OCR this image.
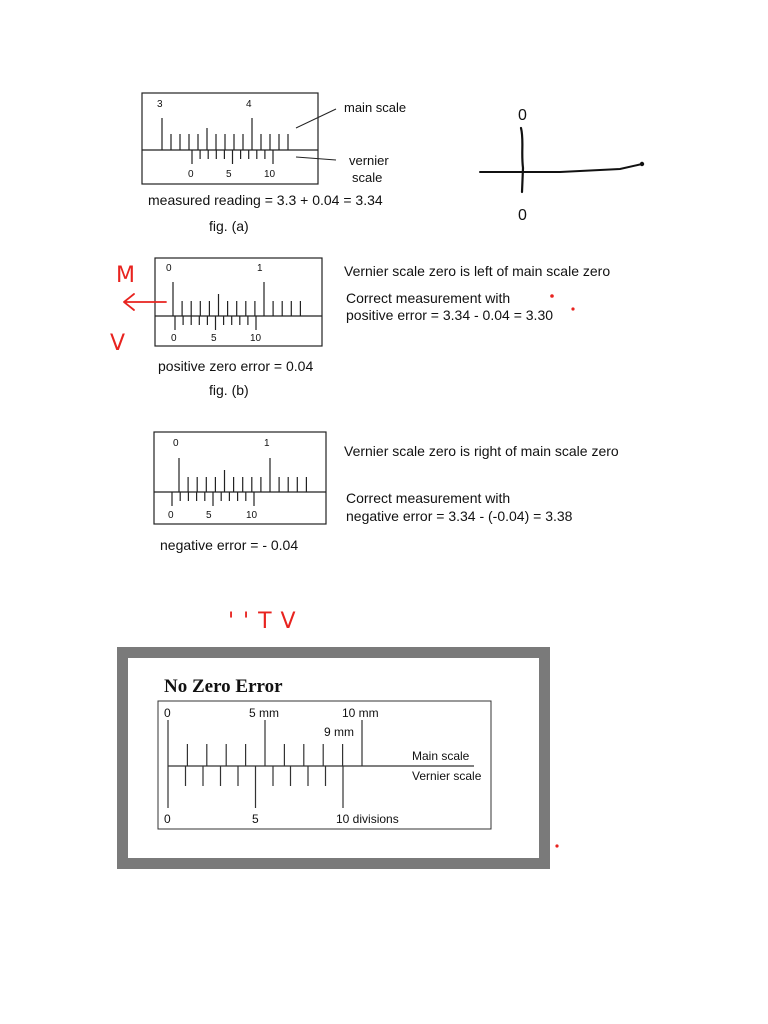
3	4
0	5	10
main scale
vernier
scale
measured reading = 3.3 + 0.04 = 3.34
fig. (a)
0
0
0	1
0	5	10
Vernier scale zero is left of main scale zero
Correct measurement with
positive error = 3.34 - 0.04 = 3.30
positive zero error = 0.04
fig. (b)
M
V
0	1
0	5	10
Vernier scale zero is right of main scale zero
Correct measurement with
negative error = 3.34 - (-0.04) = 3.38
negative error = - 0.04
' ' T V
No Zero Error
0	5 mm	10 mm
9 mm
Main scale
Vernier scale
0	5	10 divisions
